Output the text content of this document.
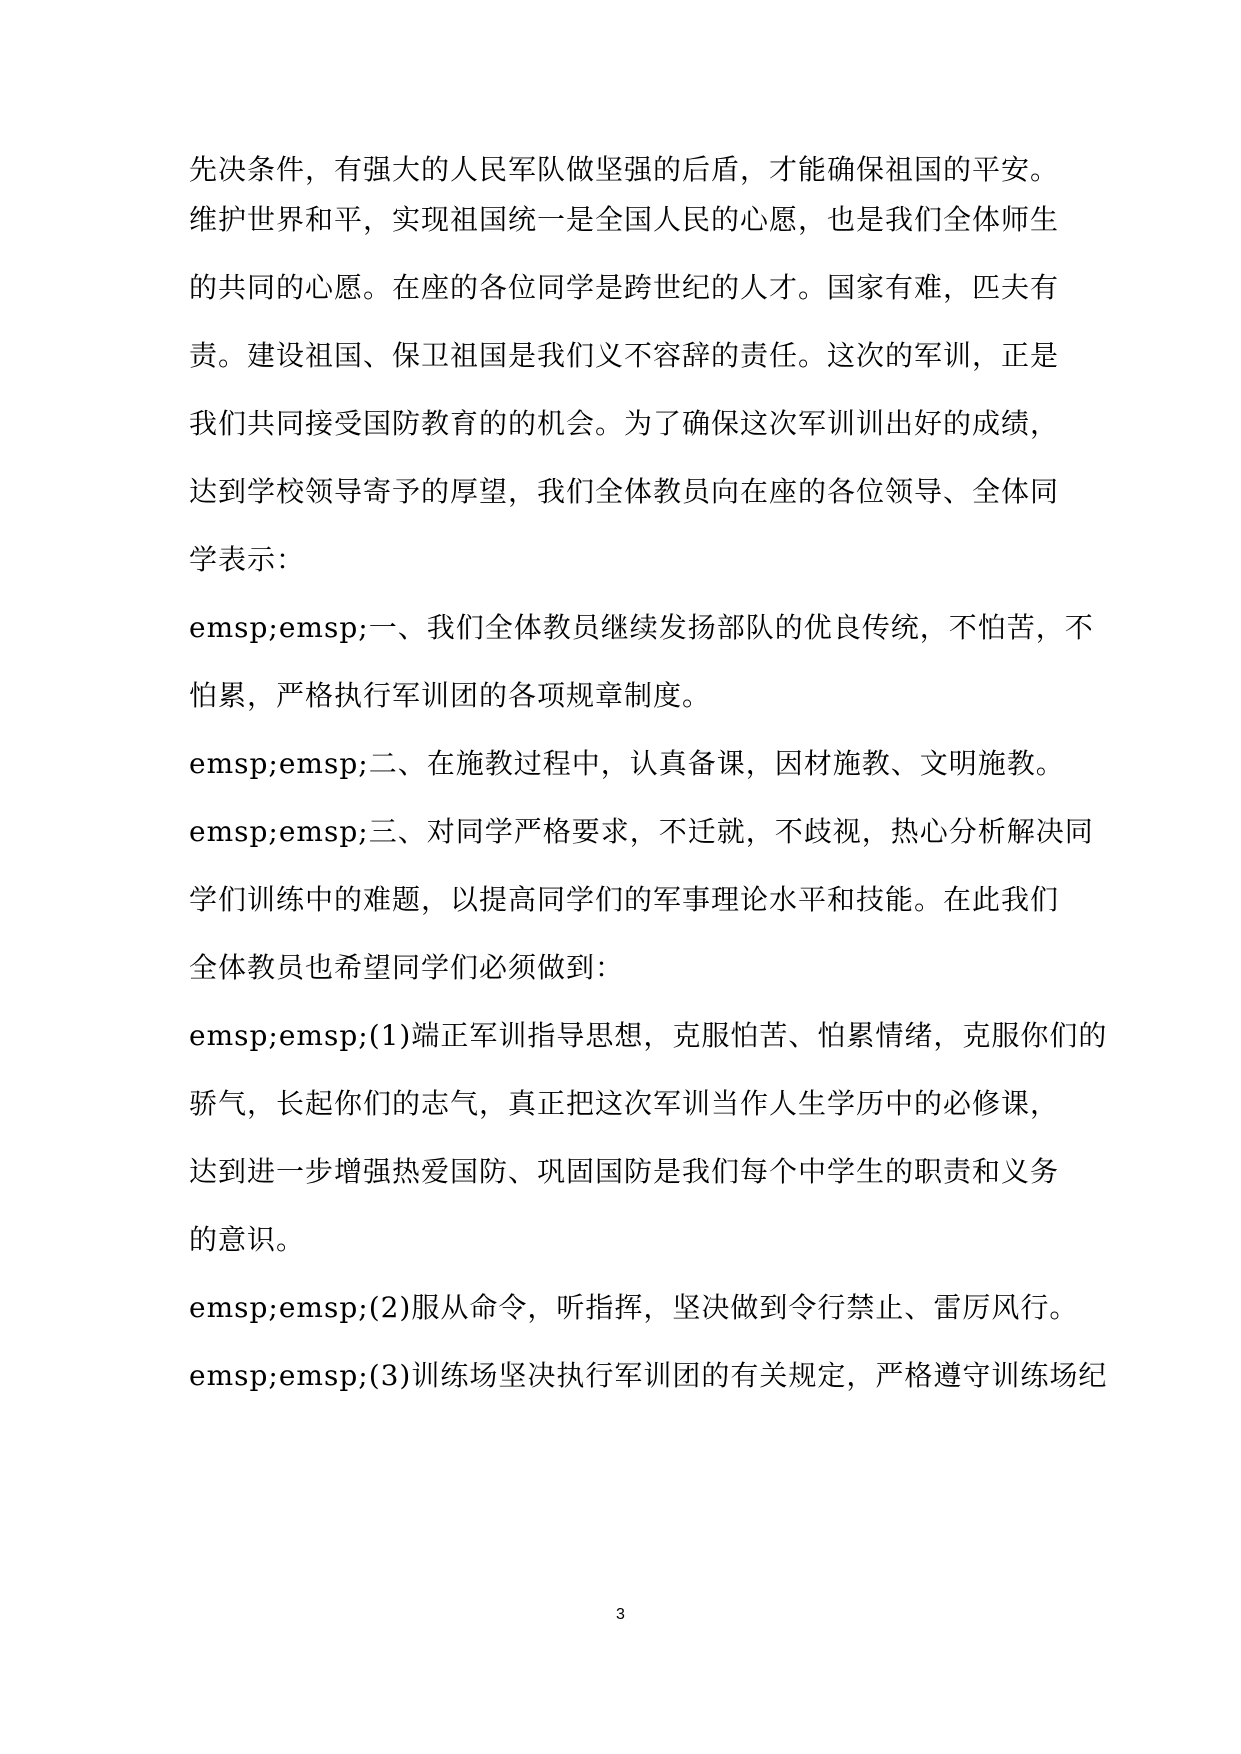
先决条件，有强大的人民军队做坚强的后盾，才能确保祖国的平安。
维护世界和平，实现祖国统一是全国人民的心愿，也是我们全体师生
的共同的心愿。在座的各位同学是跨世纪的人才。国家有难，匹夫有
责。建设祖国、保卫祖国是我们义不容辞的责任。这次的军训，正是
我们共同接受国防教育的的机会。为了确保这次军训训出好的成绩，
达到学校领导寄予的厚望，我们全体教员向在座的各位领导、全体同
学表示：
emsp;emsp;一、我们全体教员继续发扬部队的优良传统，不怕苦，不
怕累，严格执行军训团的各项规章制度。
emsp;emsp;二、在施教过程中，认真备课，因材施教、文明施教。
emsp;emsp;三、对同学严格要求，不迁就，不歧视，热心分析解决同
学们训练中的难题，以提高同学们的军事理论水平和技能。在此我们
全体教员也希望同学们必须做到：
emsp;emsp;(1)端正军训指导思想，克服怕苦、怕累情绪，克服你们的
骄气，长起你们的志气，真正把这次军训当作人生学历中的必修课，
达到进一步增强热爱国防、巩固国防是我们每个中学生的职责和义务
的意识。
emsp;emsp;(2)服从命令，听指挥，坚决做到令行禁止、雷厉风行。
emsp;emsp;(3)训练场坚决执行军训团的有关规定，严格遵守训练场纪
3
